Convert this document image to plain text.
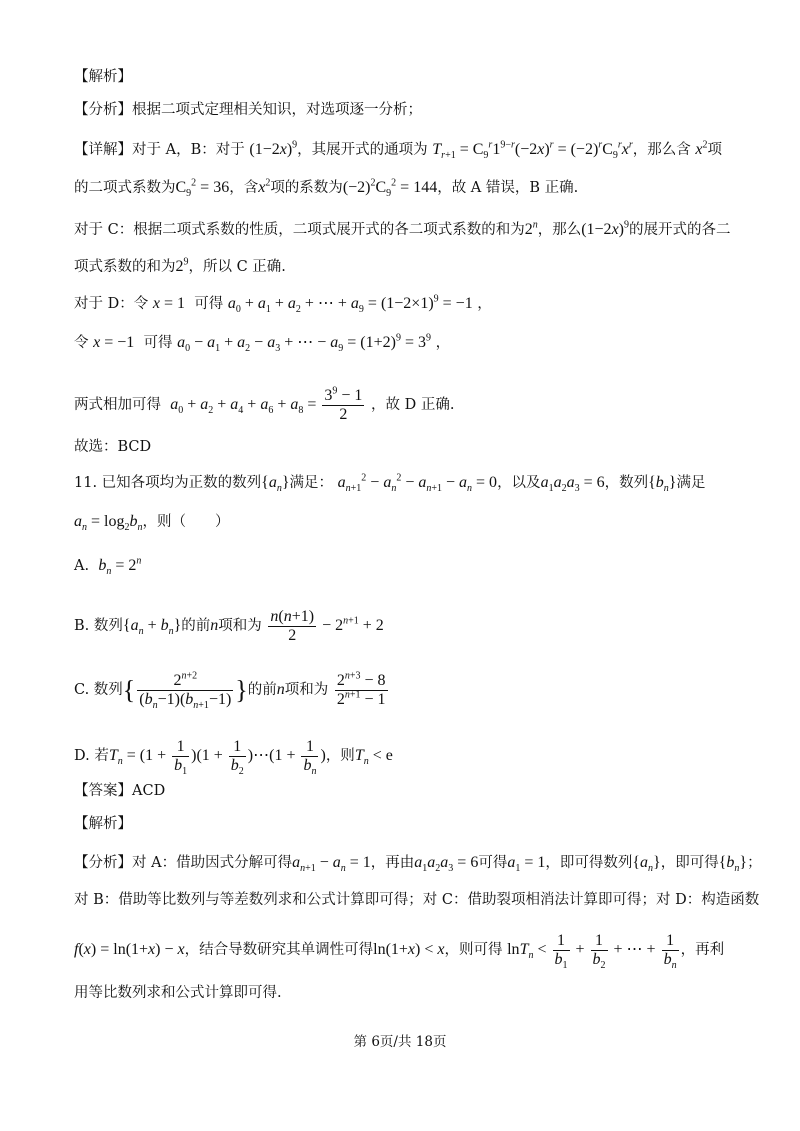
【解析】
【分析】根据二项式定理相关知识，对选项逐一分析；
【详解】对于 A，B：对于 $(1-2x)^9$，其展开式的通项为 $T_{r+1} = C_9^r1^{9-r}(-2x)^r = (-2)^rC_9^rx^r$，那么含 $x^2$项
的二项式系数为$C_9^2 = 36$，含$x^2$项的系数为$(-2)^2C_9^2 = 144$，故 A 错误，B 正确.
对于 C：根据二项式系数的性质，二项式展开式的各二项式系数的和为2$^n$，那么$(1-2x)^9$的展开式的各二
项式系数的和为$2^9$，所以 C 正确.
对于 D：令 x = 1 可得 $a_0 + a_1 + a_2$ + ⋯ + $a_9 = (1-2\times 1)^9 = -1$ ，
令 x = −1 可得 $a_0 - a_1 + a_2 - a_3$ + ⋯ − $a_9 = (1+2)^9 = 3^9$ ，
两式相加可得 $a_0 + a_2 + a_4 + a_6 + a_8 = \frac{3^9 - 1}{2}$ ，故 D 正确.
故选：BCD
11. 已知各项均为正数的数列$\{a_n\}$满足： $a_{n+1}^2 - a_n^2 - a_{n+1} - a_n = 0$，以及$a_1a_2a_3 = 6$，数列$\{b_n\}$满足
$a_n = \log_2b_n$，则（　　）
A. $b_n = 2^n$
B. 数列$\{a_n + b_n\}$的前n项和为 $\frac{n(n+1)}{2} - 2^{n+1} + 2$
C. 数列{ $\frac{2^{n+2}}{(b_n-1)(b_{n+1}-1)}$ }的前n项和为 $\frac{2^{n+3} - 8}{2^{n+1} - 1}$
D. 若$T_n = (1 + \frac{1}{b_1} )(1 + \frac{1}{b_2}$ )⋯(1 + $\frac{1}{b_n}$ )，则$T_n < e$
【答案】ACD
【解析】
【分析】对 A：借助因式分解可得$a_{n+1} - a_n = 1$，再由$a_1a_2a_3 = 6$可得$a_1 = 1$，即可得数列$\{a_n\}$，即可得$\{b_n\}$；
对 B：借助等比数列与等差数列求和公式计算即可得；对 C：借助裂项相消法计算即可得；对 D：构造函数
f(x) = ln(1+x) − x，结合导数研究其单调性可得ln(1+x) < x，则可得 $\ln T_n < \frac{1}{b_1} + \frac{1}{b_2}$ + ⋯ + $\frac{1}{b_n}$ ，再利
用等比数列求和公式计算即可得.
第 6页/共 18页
